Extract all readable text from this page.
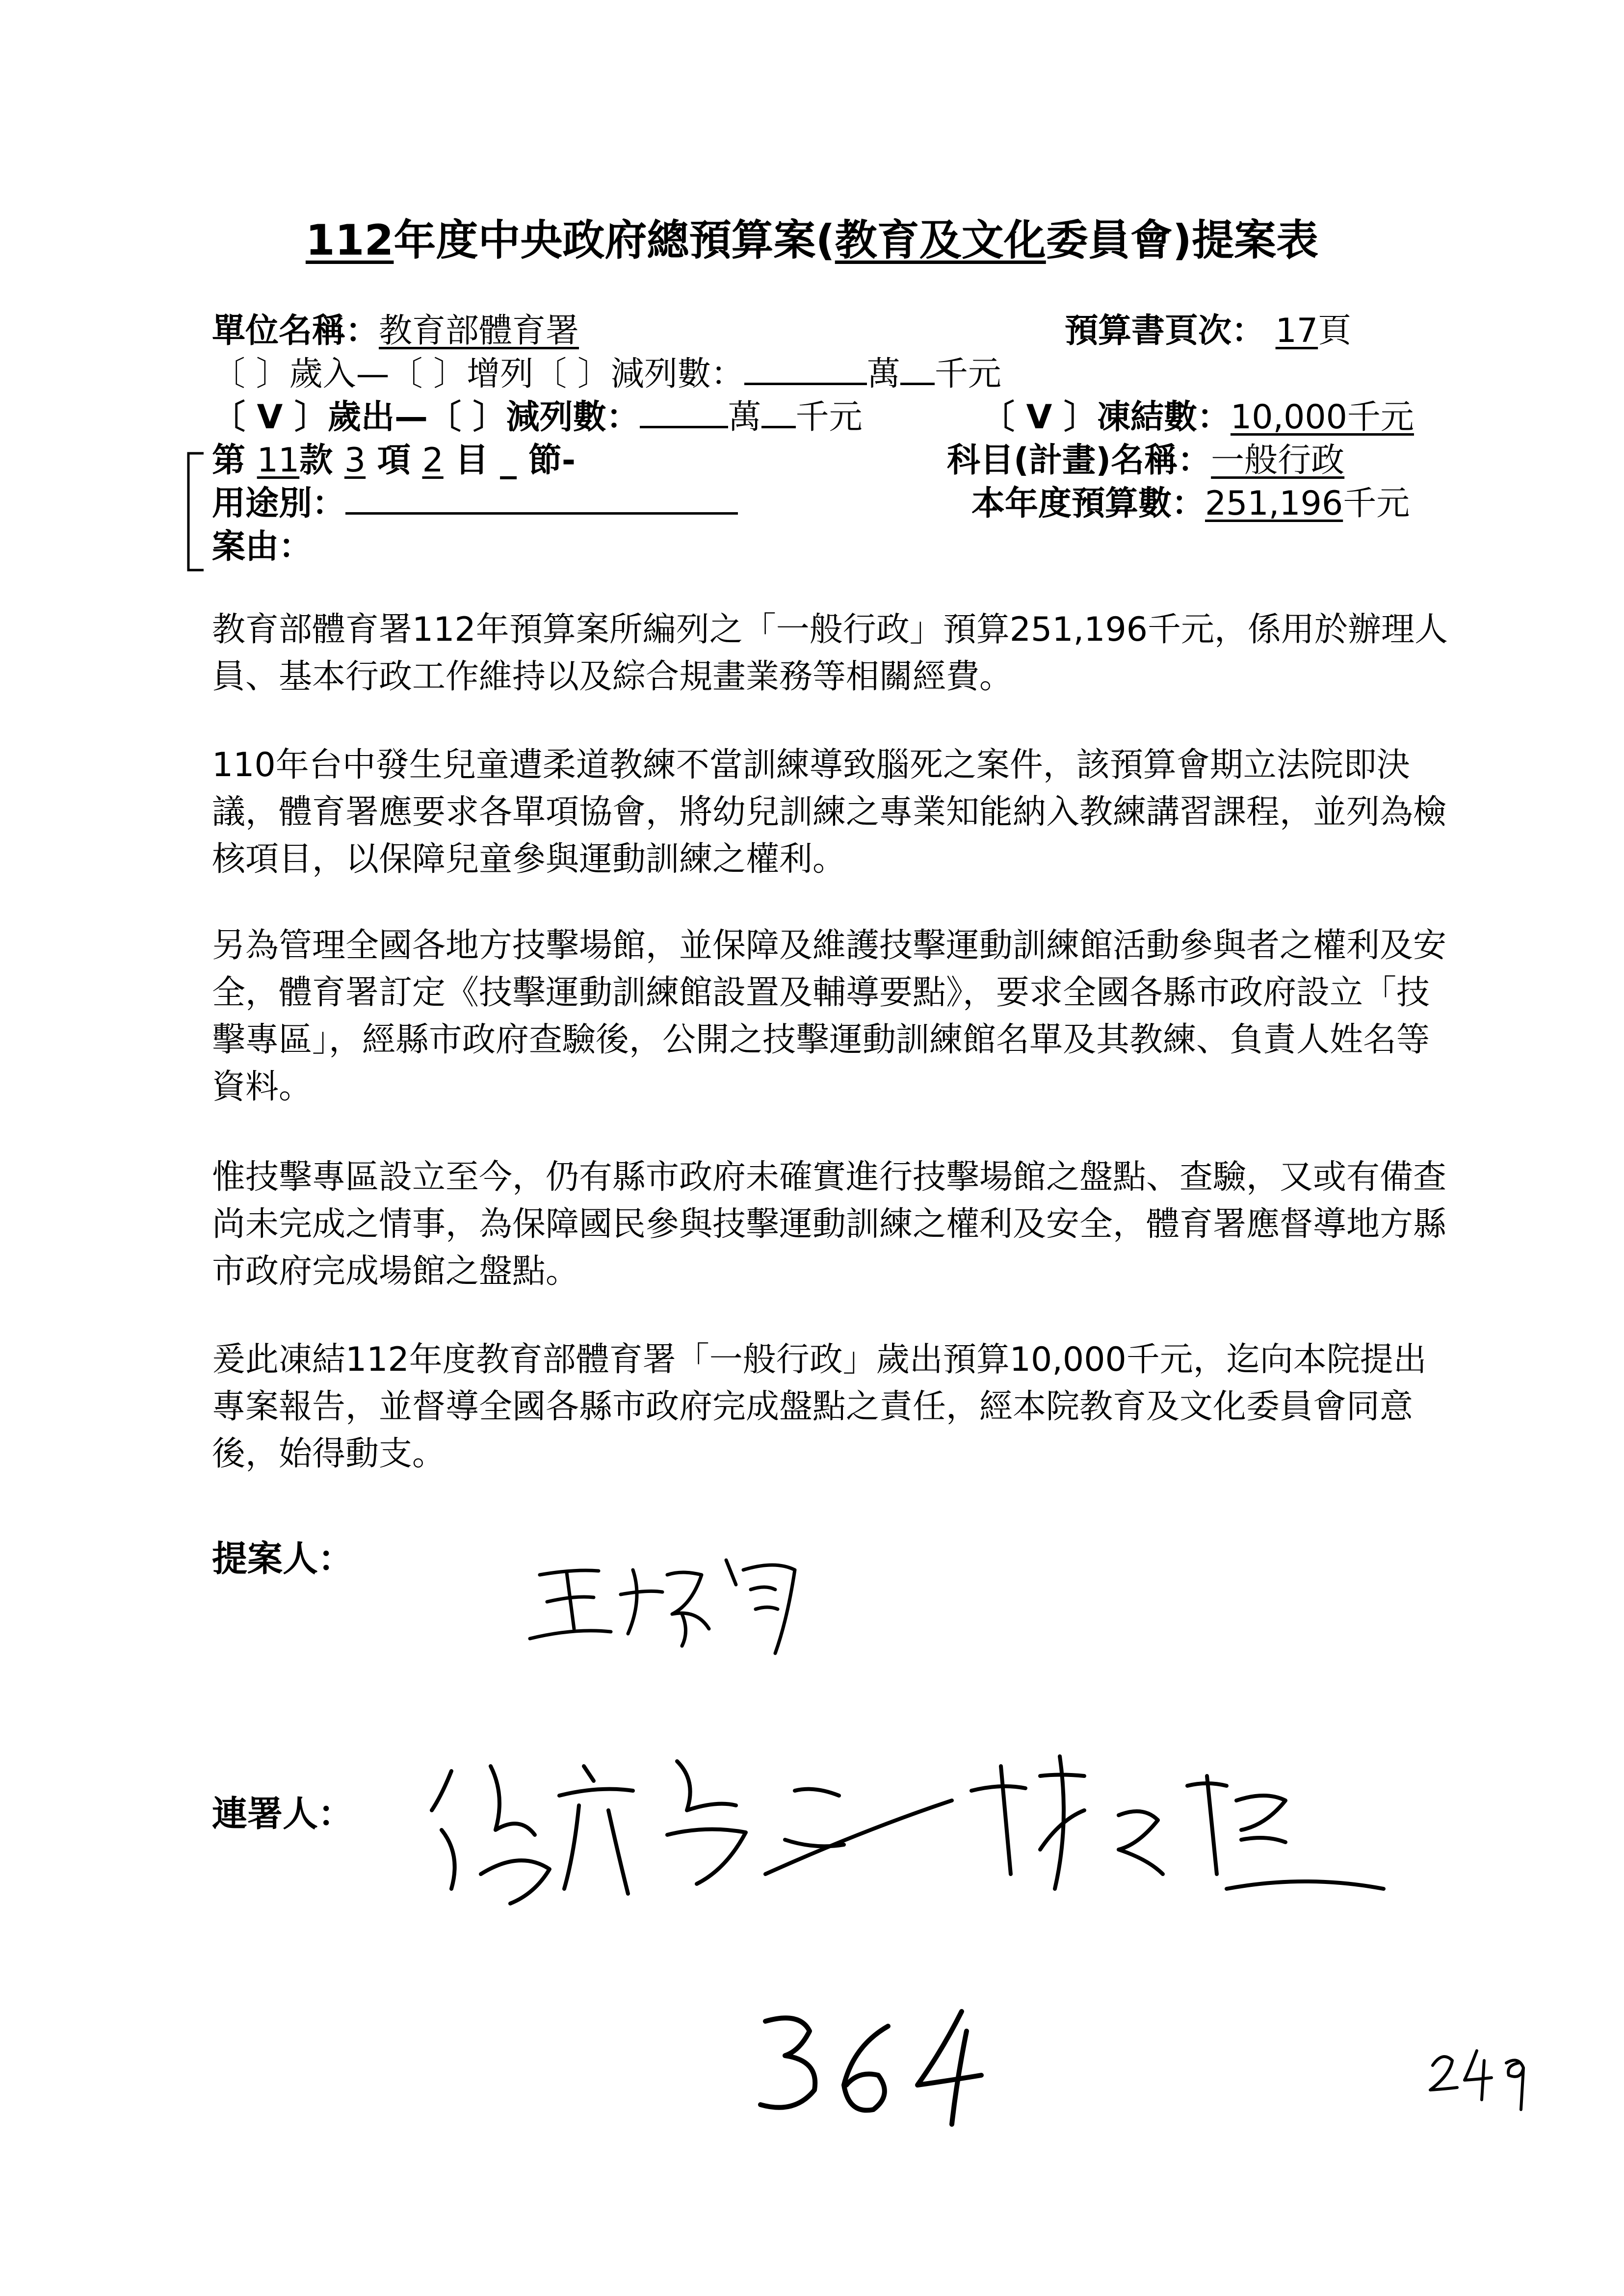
112年度中央政府總預算案(教育及文化委員會)提案表
單位名稱：教育部體育署	預算書頁次： 17頁
〔 〕歲入—〔 〕增列〔 〕減列數：	萬 千元
〔 V 〕歲出—〔 〕減列數：	萬 千元	〔 V 〕凍結數：10,000千元
第 11款 3 項 2 目 _ 節-	科目(計畫)名稱：一般行政
用途別：	本年度預算數：251,196千元
案由：

教育部體育署112年預算案所編列之「一般行政」預算251,196千元，係用於辦理人員、基本行政工作維持以及綜合規畫業務等相關經費。

110年台中發生兒童遭柔道教練不當訓練導致腦死之案件，該預算會期立法院即決議，體育署應要求各單項協會，將幼兒訓練之專業知能納入教練講習課程，並列為檢核項目，以保障兒童參與運動訓練之權利。

另為管理全國各地方技擊場館，並保障及維護技擊運動訓練館活動參與者之權利及安全，體育署訂定《技擊運動訓練館設置及輔導要點》，要求全國各縣市政府設立「技擊專區」，經縣市政府查驗後，公開之技擊運動訓練館名單及其教練、負責人姓名等資料。

惟技擊專區設立至今，仍有縣市政府未確實進行技擊場館之盤點、查驗，又或有備查尚未完成之情事，為保障國民參與技擊運動訓練之權利及安全，體育署應督導地方縣市政府完成場館之盤點。

爰此凍結112年度教育部體育署「一般行政」歲出預算10,000千元，迄向本院提出專案報告，並督導全國各縣市政府完成盤點之責任，經本院教育及文化委員會同意後，始得動支。

提案人：
連署人：
